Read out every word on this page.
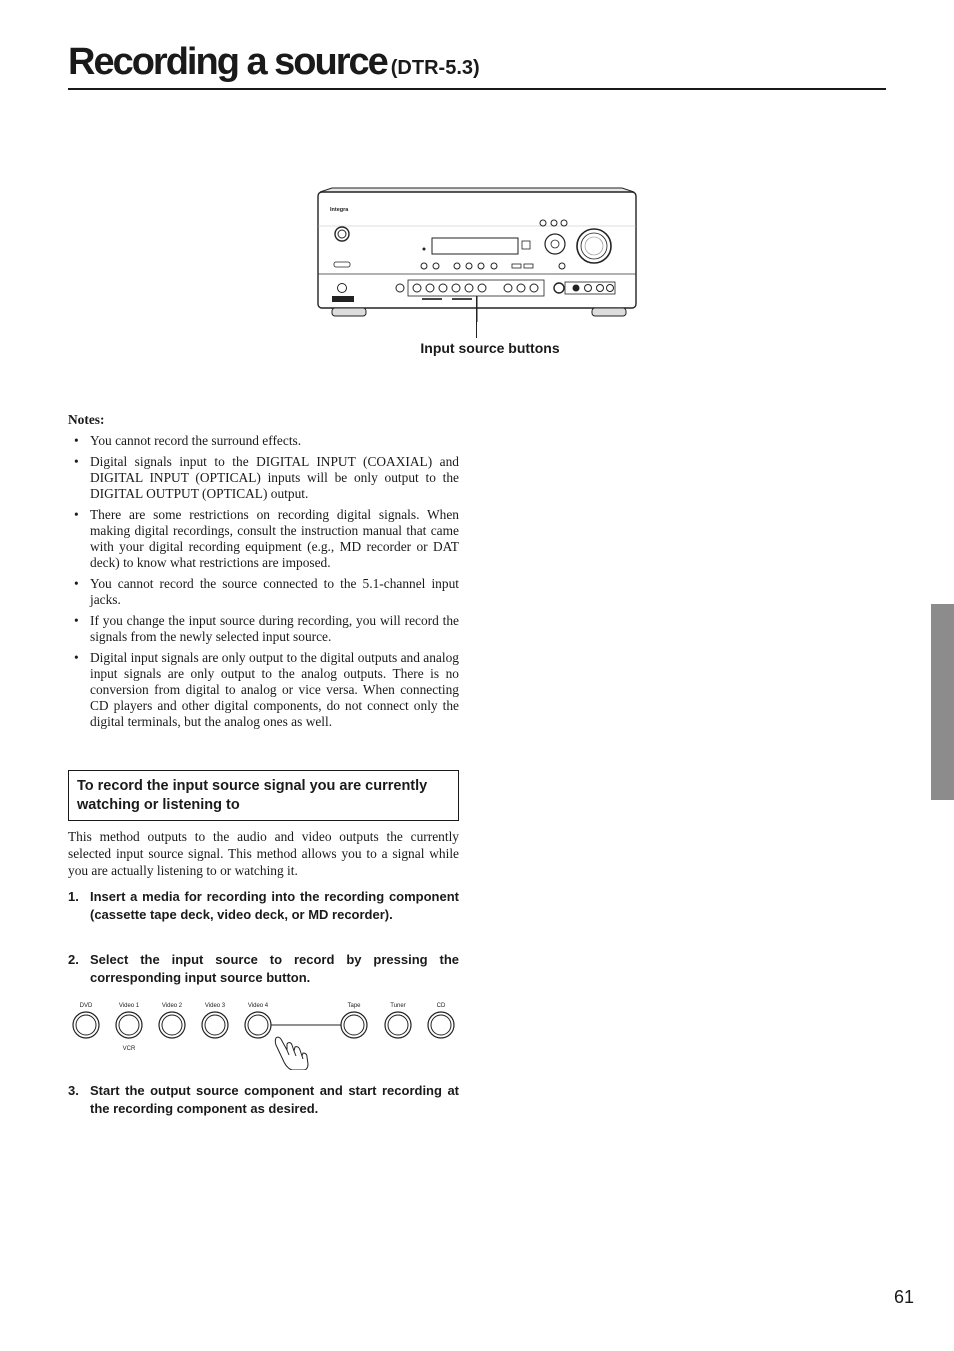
Recording a source (DTR-5.3)
Integra
Input source buttons
Notes:
• You cannot record the surround effects.
• Digital signals input to the DIGITAL INPUT (COAXIAL) and DIGITAL INPUT (OPTICAL) inputs will be only output to the DIGITAL OUTPUT (OPTICAL) output.
• There are some restrictions on recording digital signals. When making digital recordings, consult the instruction manual that came with your digital recording equipment (e.g., MD recorder or DAT deck) to know what restrictions are imposed.
• You cannot record the source connected to the 5.1-channel input jacks.
• If you change the input source during recording, you will record the signals from the newly selected input source.
• Digital input signals are only output to the digital outputs and analog input signals are only output to the analog outputs. There is no conversion from digital to analog or vice versa. When connecting CD players and other digital components, do not connect only the digital terminals, but the analog ones as well.
To record the input source signal you are currently watching or listening to
This method outputs to the audio and video outputs the currently selected input source signal. This method allows you to a signal while you are actually listening to or watching it.
1. Insert a media for recording into the recording component (cassette tape deck, video deck, or MD recorder).
2. Select the input source to record by pressing the corresponding input source button.
DVD	Video 1	Video 2	Video 3	Video 4	Tape	Tuner	CD
VCR
3. Start the output source component and start recording at the recording component as desired.
61
